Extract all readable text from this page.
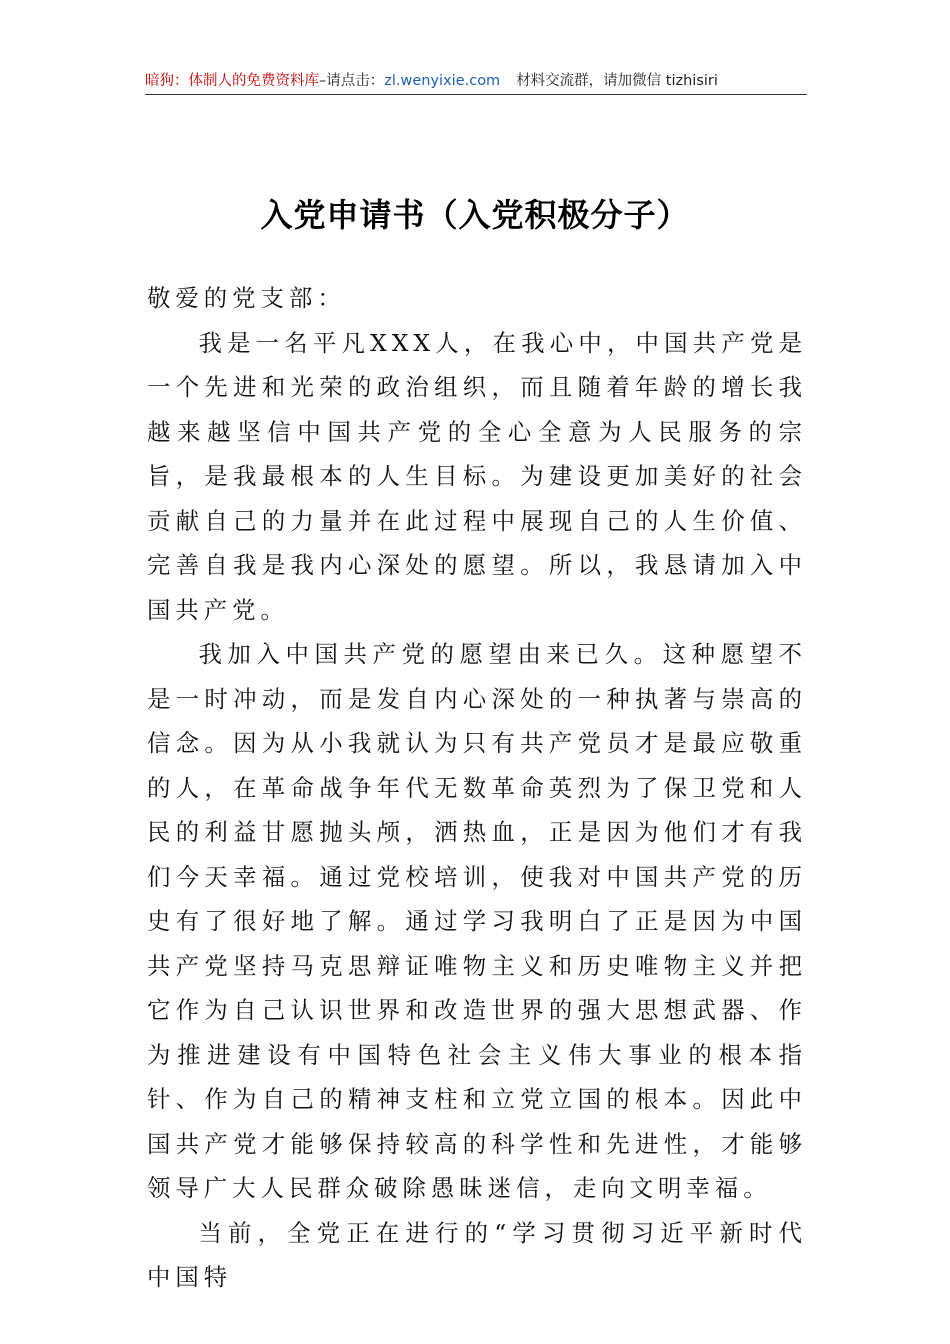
暗狗：体制人的免费资料库–请点击：zl.wenyixie.com 材料交流群，请加微信 tizhisiri
入党申请书（入党积极分子）

敬爱的党支部：

我是一名平凡XXX人，在我心中，中国共产党是一个先进和光荣的政治组织，而且随着年龄的增长我越来越坚信中国共产党的全心全意为人民服务的宗旨，是我最根本的人生目标。为建设更加美好的社会贡献自己的力量并在此过程中展现自己的人生价值、完善自我是我内心深处的愿望。所以，我恳请加入中国共产党。

我加入中国共产党的愿望由来已久。这种愿望不是一时冲动，而是发自内心深处的一种执著与崇高的信念。因为从小我就认为只有共产党员才是最应敬重的人，在革命战争年代无数革命英烈为了保卫党和人民的利益甘愿抛头颅，洒热血，正是因为他们才有我们今天幸福。通过党校培训，使我对中国共产党的历史有了很好地了解。通过学习我明白了正是因为中国共产党坚持马克思辩证唯物主义和历史唯物主义并把它作为自己认识世界和改造世界的强大思想武器、作为推进建设有中国特色社会主义伟大事业的根本指针、作为自己的精神支柱和立党立国的根本。因此中国共产党才能够保持较高的科学性和先进性，才能够领导广大人民群众破除愚昧迷信，走向文明幸福。

当前，全党正在进行的“学习贯彻习近平新时代中国特
